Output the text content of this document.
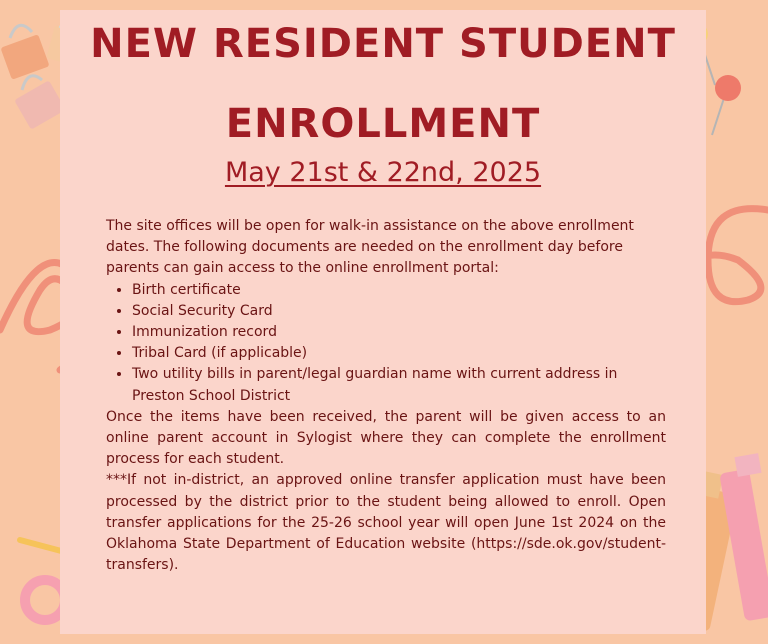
NEW RESIDENT STUDENT
ENROLLMENT
May 21st & 22nd, 2025

The site offices will be open for walk-in assistance on the above enrollment dates. The following documents are needed on the enrollment day before parents can gain access to the online enrollment portal:

• Birth certificate
• Social Security Card
• Immunization record
• Tribal Card (if applicable)
• Two utility bills in parent/legal guardian name with current address in Preston School District

Once the items have been received, the parent will be given access to an online parent account in Sylogist where they can complete the enrollment process for each student.

***If not in-district, an approved online transfer application must have been processed by the district prior to the student being allowed to enroll. Open transfer applications for the 25-26 school year will open June 1st 2024 on the Oklahoma State Department of Education website (https://sde.ok.gov/student-transfers).
